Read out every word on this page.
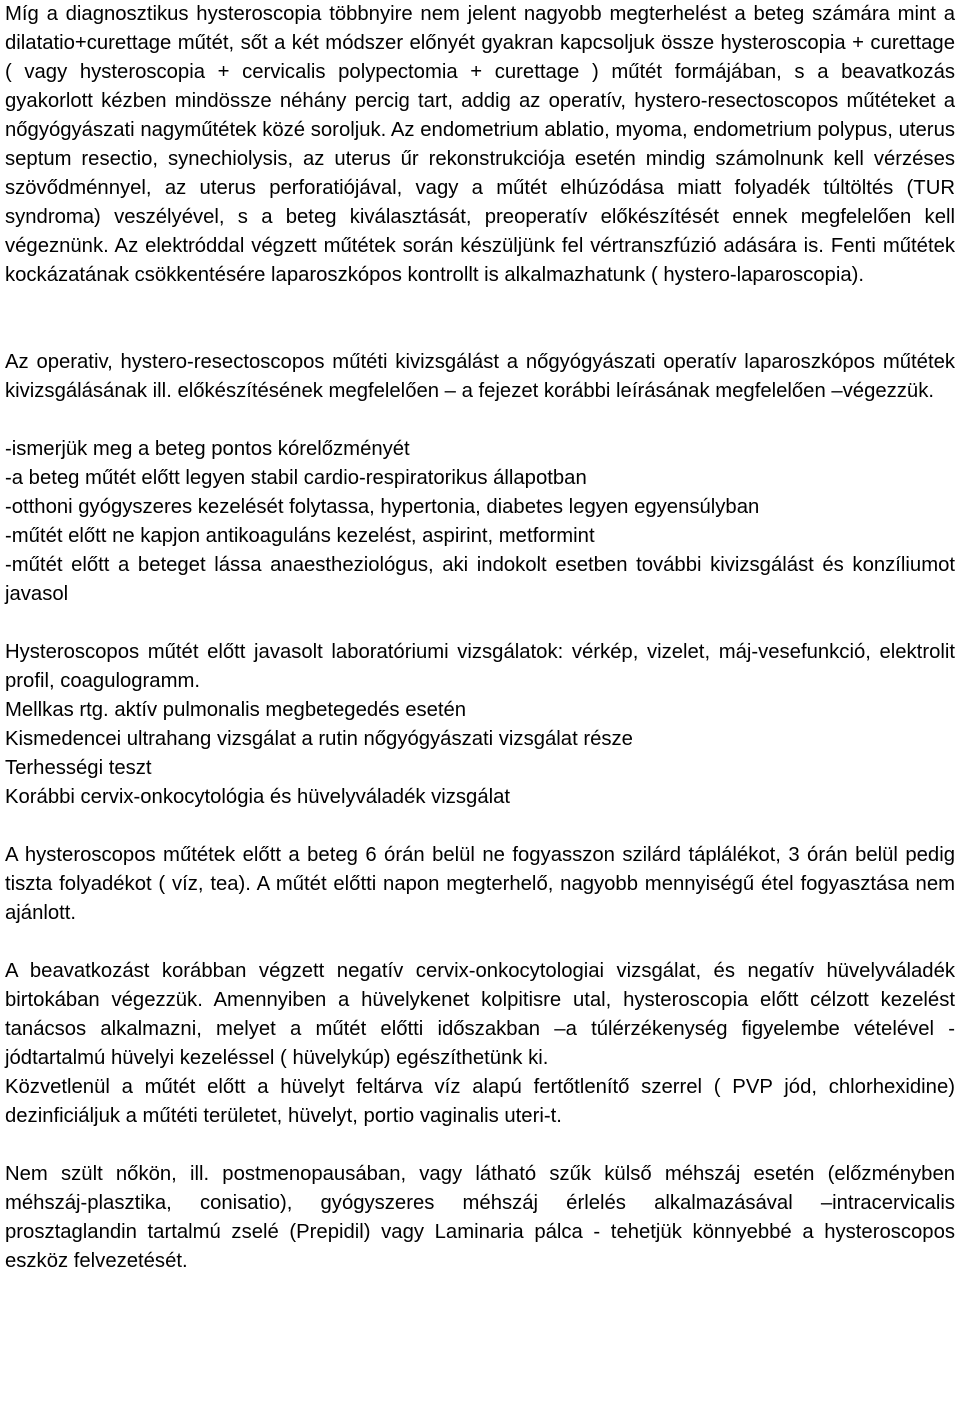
Míg a diagnosztikus hysteroscopia többnyire nem jelent nagyobb megterhelést a beteg számára mint a dilatatio+curettage műtét, sőt a két módszer előnyét gyakran kapcsoljuk össze hysteroscopia + curettage ( vagy hysteroscopia + cervicalis polypectomia + curettage ) műtét formájában, s a beavatkozás gyakorlott kézben mindössze néhány percig tart, addig az operatív, hystero-resectoscopos műtéteket a nőgyógyászati nagyműtétek közé soroljuk. Az endometrium ablatio, myoma, endometrium polypus, uterus septum resectio, synechiolysis, az uterus űr rekonstrukciója esetén mindig számolnunk kell vérzéses szövődménnyel, az uterus perforatiójával, vagy a műtét elhúzódása miatt folyadék túltöltés (TUR syndroma) veszélyével, s a beteg kiválasztását, preoperatív előkészítését ennek megfelelően kell végeznünk. Az elektróddal végzett műtétek során készüljünk fel vértranszfúzió adására is. Fenti műtétek kockázatának csökkentésére laparoszkópos kontrollt is alkalmazhatunk ( hystero-laparoscopia).

Az operativ, hystero-resectoscopos műtéti kivizsgálást a nőgyógyászati operatív laparoszkópos műtétek kivizsgálásának ill. előkészítésének megfelelően – a fejezet korábbi leírásának megfelelően –végezzük.

-ismerjük meg a beteg pontos kórelőzményét

-a beteg műtét előtt legyen stabil cardio-respiratorikus állapotban

-otthoni gyógyszeres kezelését folytassa, hypertonia, diabetes legyen egyensúlyban

-műtét előtt ne kapjon antikoaguláns kezelést, aspirint, metformint

-műtét előtt a beteget lássa anaestheziológus, aki indokolt esetben további kivizsgálást és konzíliumot javasol

Hysteroscopos műtét előtt javasolt laboratóriumi vizsgálatok: vérkép, vizelet, máj-vesefunkció, elektrolit profil, coagulogramm.

Mellkas rtg. aktív pulmonalis megbetegedés esetén

Kismedencei ultrahang vizsgálat a rutin nőgyógyászati vizsgálat része

Terhességi teszt

Korábbi cervix-onkocytológia és hüvelyváladék vizsgálat

A hysteroscopos műtétek előtt a beteg 6 órán belül ne fogyasszon szilárd táplálékot, 3 órán belül pedig tiszta folyadékot ( víz, tea). A műtét előtti napon megterhelő, nagyobb mennyiségű étel fogyasztása nem ajánlott.

A beavatkozást korábban végzett negatív cervix-onkocytologiai vizsgálat, és negatív hüvelyváladék birtokában végezzük. Amennyiben a hüvelykenet kolpitisre utal, hysteroscopia előtt célzott kezelést tanácsos alkalmazni, melyet a műtét előtti időszakban –a túlérzékenység figyelembe vételével - jódtartalmú hüvelyi kezeléssel ( hüvelykúp) egészíthetünk ki.

Közvetlenül a műtét előtt a hüvelyt feltárva víz alapú fertőtlenítő szerrel ( PVP jód, chlorhexidine) dezinficiáljuk a műtéti területet, hüvelyt, portio vaginalis uteri-t.

Nem szült nőkön, ill. postmenopausában, vagy látható szűk külső méhszáj esetén (előzményben méhszáj-plasztika, conisatio), gyógyszeres méhszáj érlelés alkalmazásával –intracervicalis prosztaglandin tartalmú zselé (Prepidil) vagy Laminaria pálca - tehetjük könnyebbé a hysteroscopos eszköz felvezetését.
